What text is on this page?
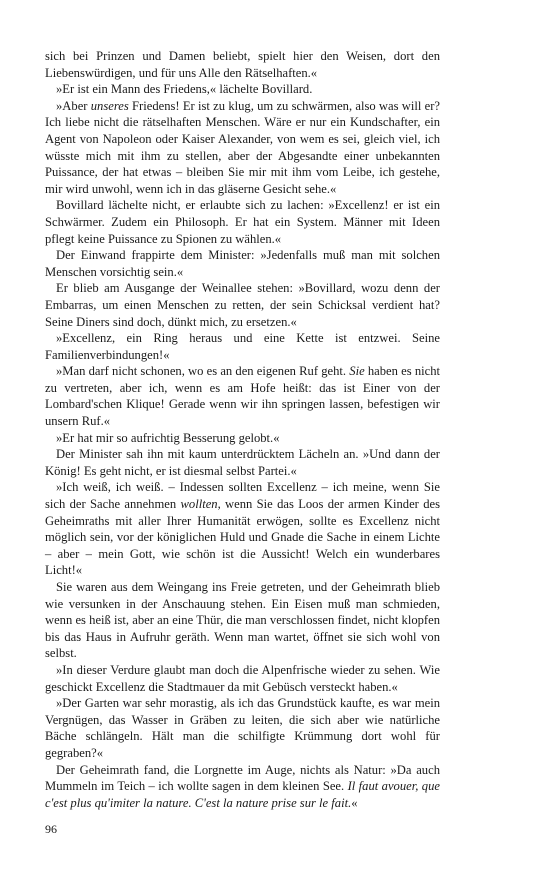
sich bei Prinzen und Damen beliebt, spielt hier den Weisen, dort den Liebenswürdigen, und für uns Alle den Rätselhaften.«

»Er ist ein Mann des Friedens,« lächelte Bovillard.

»Aber unseres Friedens! Er ist zu klug, um zu schwärmen, also was will er? Ich liebe nicht die rätselhaften Menschen. Wäre er nur ein Kundschafter, ein Agent von Napoleon oder Kaiser Alexander, von wem es sei, gleich viel, ich wüsste mich mit ihm zu stellen, aber der Abgesandte einer unbekannten Puissance, der hat etwas – bleiben Sie mir mit ihm vom Leibe, ich gestehe, mir wird unwohl, wenn ich in das gläserne Gesicht sehe.«

Bovillard lächelte nicht, er erlaubte sich zu lachen: »Excellenz! er ist ein Schwärmer. Zudem ein Philosoph. Er hat ein System. Männer mit Ideen pflegt keine Puissance zu Spionen zu wählen.«

Der Einwand frappirte dem Minister: »Jedenfalls muß man mit solchen Menschen vorsichtig sein.«

Er blieb am Ausgange der Weinallee stehen: »Bovillard, wozu denn der Embarras, um einen Menschen zu retten, der sein Schicksal verdient hat? Seine Diners sind doch, dünkt mich, zu ersetzen.«

»Excellenz, ein Ring heraus und eine Kette ist entzwei. Seine Familienverbindungen!«

»Man darf nicht schonen, wo es an den eigenen Ruf geht. Sie haben es nicht zu vertreten, aber ich, wenn es am Hofe heißt: das ist Einer von der Lombard'schen Klique! Gerade wenn wir ihn springen lassen, befestigen wir unsern Ruf.«

»Er hat mir so aufrichtig Besserung gelobt.«

Der Minister sah ihn mit kaum unterdrücktem Lächeln an. »Und dann der König! Es geht nicht, er ist diesmal selbst Partei.«

»Ich weiß, ich weiß. – Indessen sollten Excellenz – ich meine, wenn Sie sich der Sache annehmen wollten, wenn Sie das Loos der armen Kinder des Geheimraths mit aller Ihrer Humanität erwögen, sollte es Excellenz nicht möglich sein, vor der königlichen Huld und Gnade die Sache in einem Lichte – aber – mein Gott, wie schön ist die Aussicht! Welch ein wunderbares Licht!«

Sie waren aus dem Weingang ins Freie getreten, und der Geheimrath blieb wie versunken in der Anschauung stehen. Ein Eisen muß man schmieden, wenn es heiß ist, aber an eine Thür, die man verschlossen findet, nicht klopfen bis das Haus in Aufruhr geräth. Wenn man wartet, öffnet sie sich wohl von selbst.

»In dieser Verdure glaubt man doch die Alpenfrische wieder zu sehen. Wie geschickt Excellenz die Stadtmauer da mit Gebüsch versteckt haben.«

»Der Garten war sehr morastig, als ich das Grundstück kaufte, es war mein Vergnügen, das Wasser in Gräben zu leiten, die sich aber wie natürliche Bäche schlängeln. Hält man die schilfigte Krümmung dort wohl für gegraben?«

Der Geheimrath fand, die Lorgnette im Auge, nichts als Natur: »Da auch Mummeln im Teich – ich wollte sagen in dem kleinen See. Il faut avouer, que c'est plus qu'imiter la nature. C'est la nature prise sur le fait.«

96
